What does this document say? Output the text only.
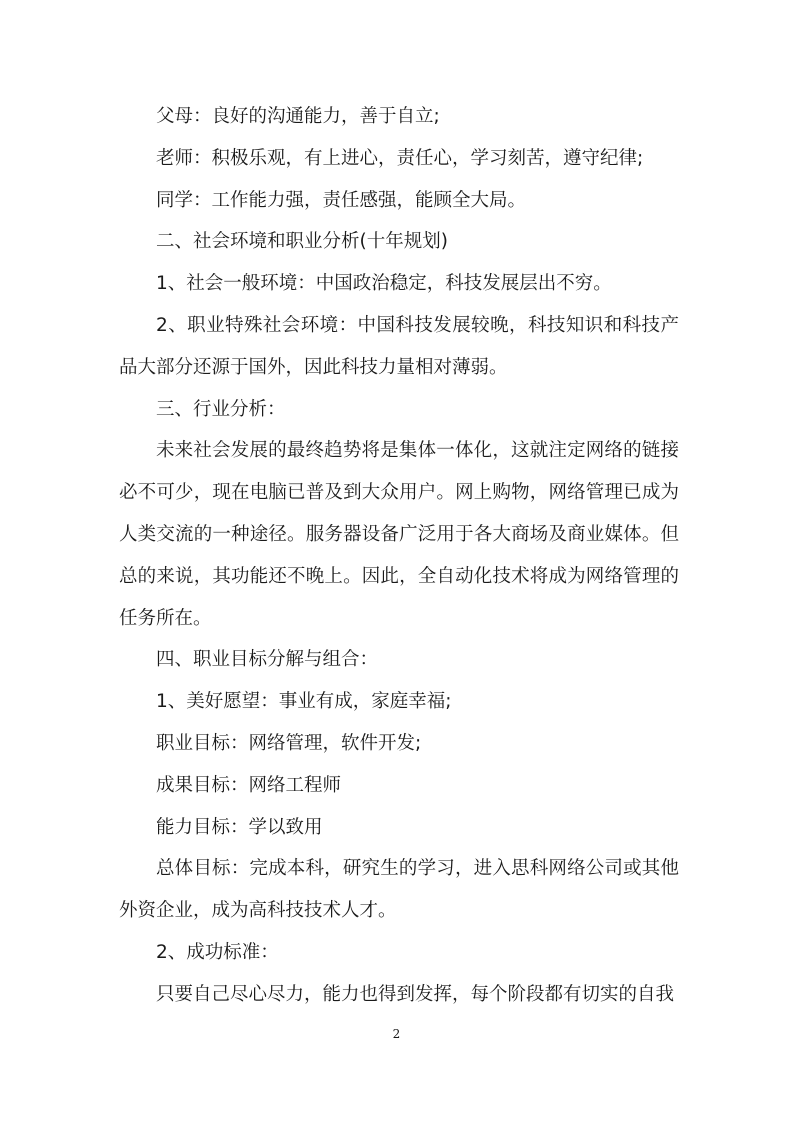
父母：良好的沟通能力，善于自立;

老师：积极乐观，有上进心，责任心，学习刻苦，遵守纪律;

同学：工作能力强，责任感强，能顾全大局。

二、社会环境和职业分析(十年规划)

1、社会一般环境：中国政治稳定，科技发展层出不穷。

2、职业特殊社会环境：中国科技发展较晚，科技知识和科技产品大部分还源于国外，因此科技力量相对薄弱。

三、行业分析：

未来社会发展的最终趋势将是集体一体化，这就注定网络的链接必不可少，现在电脑已普及到大众用户。网上购物，网络管理已成为人类交流的一种途径。服务器设备广泛用于各大商场及商业媒体。但总的来说，其功能还不晚上。因此，全自动化技术将成为网络管理的任务所在。

四、职业目标分解与组合：

1、美好愿望：事业有成，家庭幸福;

职业目标：网络管理，软件开发;

成果目标：网络工程师

能力目标：学以致用

总体目标：完成本科，研究生的学习，进入思科网络公司或其他外资企业，成为高科技技术人才。

2、成功标准：

只要自己尽心尽力，能力也得到发挥，每个阶段都有切实的自我

2
